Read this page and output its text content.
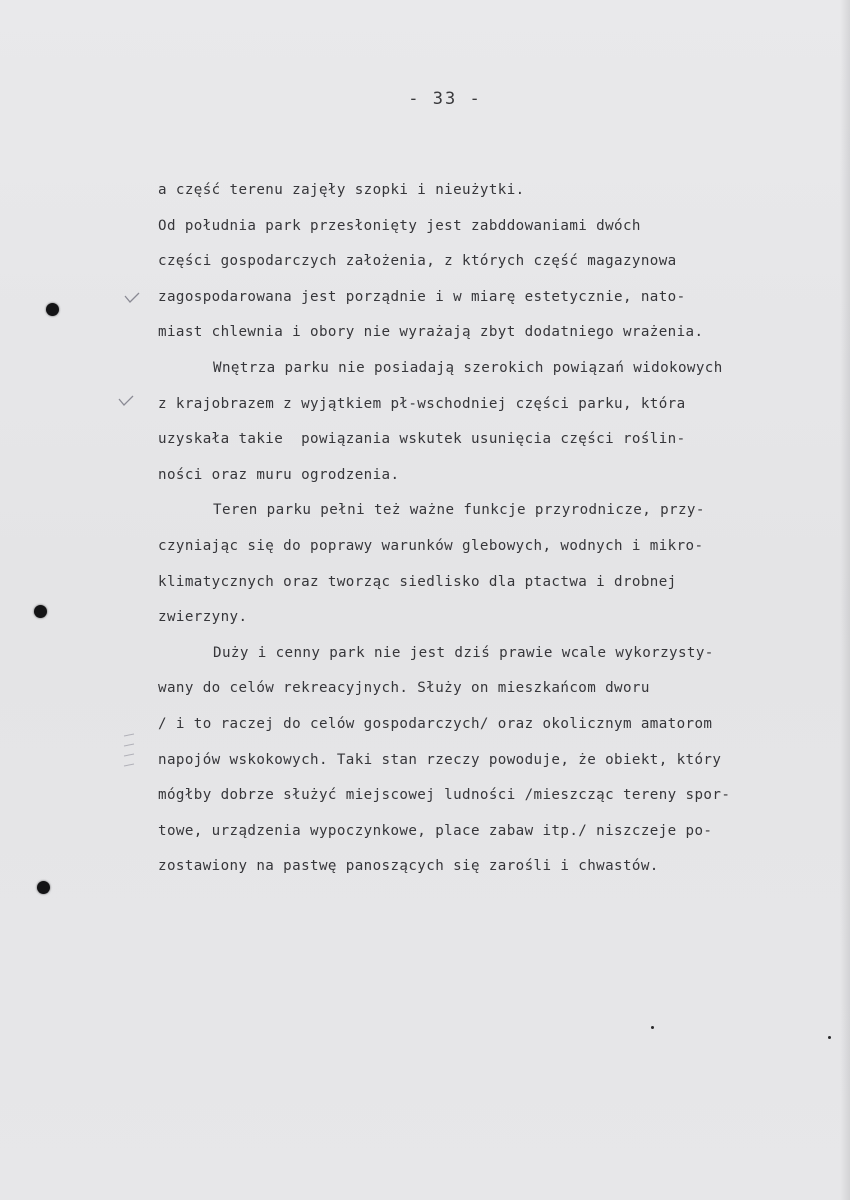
- 33 -
a część terenu zajęły szopki i nieużytki.
Od południa park przesłonięty jest zabddowaniami dwóch
części gospodarczych założenia, z których część magazynowa
zagospodarowana jest porządnie i w miarę estetycznie, nato-
miast chlewnia i obory nie wyrażają zbyt dodatniego wrażenia.
Wnętrza parku nie posiadają szerokich powiązań widokowych
z krajobrazem z wyjątkiem pł-wschodniej części parku, która
uzyskała takie  powiązania wskutek usunięcia części roślin-
ności oraz muru ogrodzenia.
Teren parku pełni też ważne funkcje przyrodnicze, przy-
czyniając się do poprawy warunków glebowych, wodnych i mikro-
klimatycznych oraz tworząc siedlisko dla ptactwa i drobnej
zwierzyny.
Duży i cenny park nie jest dziś prawie wcale wykorzysty-
wany do celów rekreacyjnych. Służy on mieszkańcom dworu
/ i to raczej do celów gospodarczych/ oraz okolicznym amatorom
napojów wskokowych. Taki stan rzeczy powoduje, że obiekt, który
mógłby dobrze służyć miejscowej ludności /mieszcząc tereny spor-
towe, urządzenia wypoczynkowe, place zabaw itp./ niszczeje po-
zostawiony na pastwę panoszących się zarośli i chwastów.
